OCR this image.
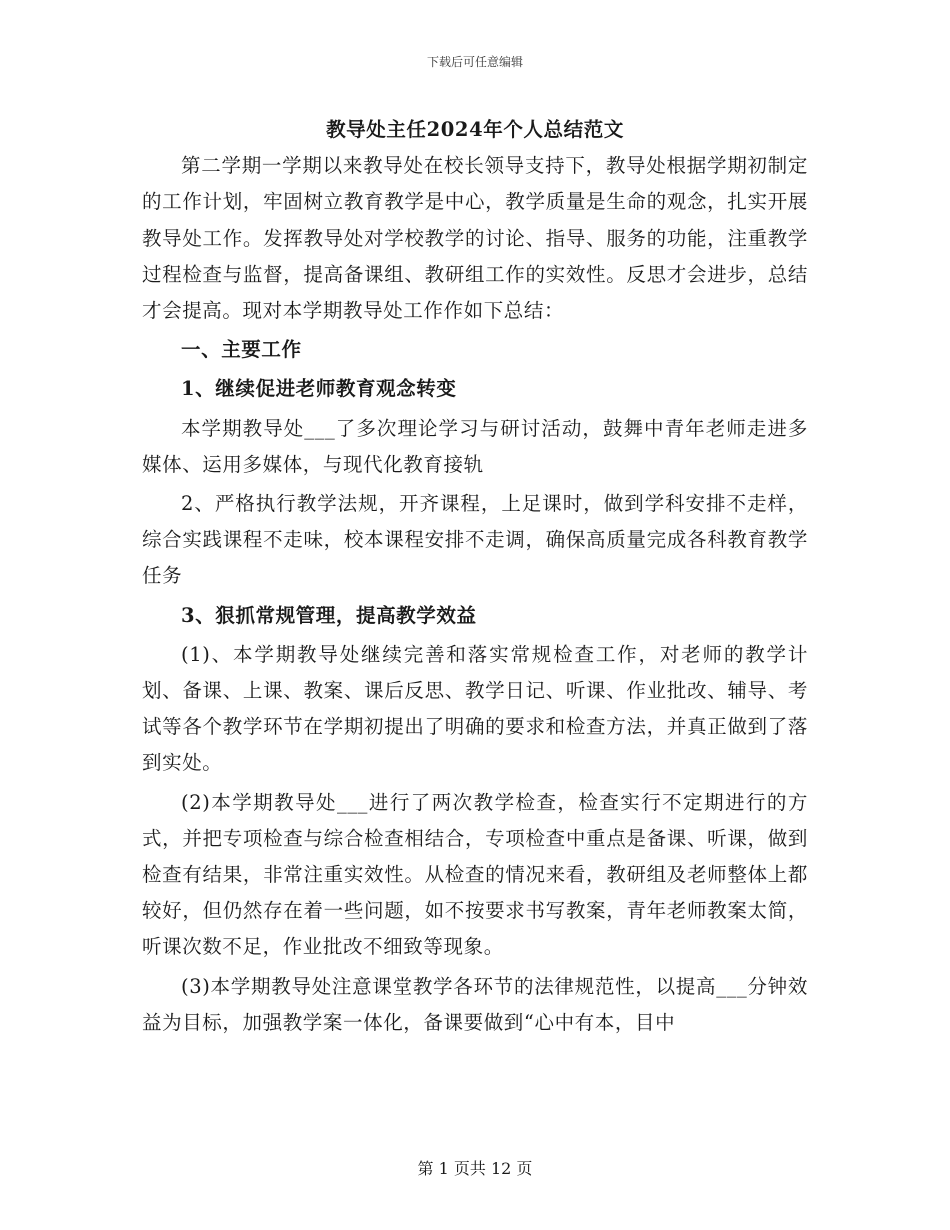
下载后可任意编辑
教导处主任2024年个人总结范文

第二学期一学期以来教导处在校长领导支持下，教导处根据学期初制定的工作计划，牢固树立教育教学是中心，教学质量是生命的观念，扎实开展教导处工作。发挥教导处对学校教学的讨论、指导、服务的功能，注重教学过程检查与监督，提高备课组、教研组工作的实效性。反思才会进步，总结才会提高。现对本学期教导处工作作如下总结：

一、主要工作

1、继续促进老师教育观念转变

本学期教导处___了多次理论学习与研讨活动，鼓舞中青年老师走进多媒体、运用多媒体，与现代化教育接轨

2、严格执行教学法规，开齐课程，上足课时，做到学科安排不走样，综合实践课程不走味，校本课程安排不走调，确保高质量完成各科教育教学任务

3、狠抓常规管理，提高教学效益

(1)、本学期教导处继续完善和落实常规检查工作，对老师的教学计划、备课、上课、教案、课后反思、教学日记、听课、作业批改、辅导、考试等各个教学环节在学期初提出了明确的要求和检查方法，并真正做到了落到实处。

(2)本学期教导处___进行了两次教学检查，检查实行不定期进行的方式，并把专项检查与综合检查相结合，专项检查中重点是备课、听课，做到检查有结果，非常注重实效性。从检查的情况来看，教研组及老师整体上都较好，但仍然存在着一些问题，如不按要求书写教案，青年老师教案太简，听课次数不足，作业批改不细致等现象。

(3)本学期教导处注意课堂教学各环节的法律规范性，以提高___分钟效益为目标，加强教学案一体化，备课要做到“心中有本，目中

第 1 页共 12 页
